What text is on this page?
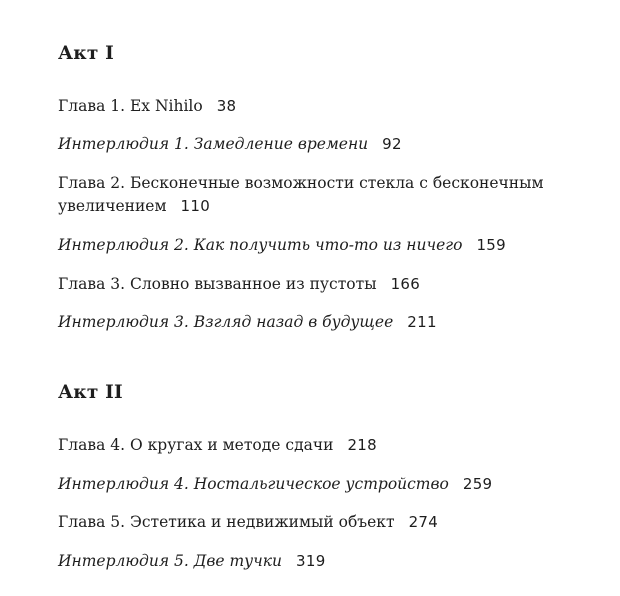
Акт I

Глава 1. Ex Nihilo 38

Интерлюдия 1. Замедление времени 92

Глава 2. Бесконечные возможности стекла с бесконечным увеличением 110

Интерлюдия 2. Как получить что-то из ничего 159

Глава 3. Словно вызванное из пустоты 166

Интерлюдия 3. Взгляд назад в будущее 211

Акт II

Глава 4. О кругах и методе сдачи 218

Интерлюдия 4. Ностальгическое устройство 259

Глава 5. Эстетика и недвижимый объект 274

Интерлюдия 5. Две тучки 319
